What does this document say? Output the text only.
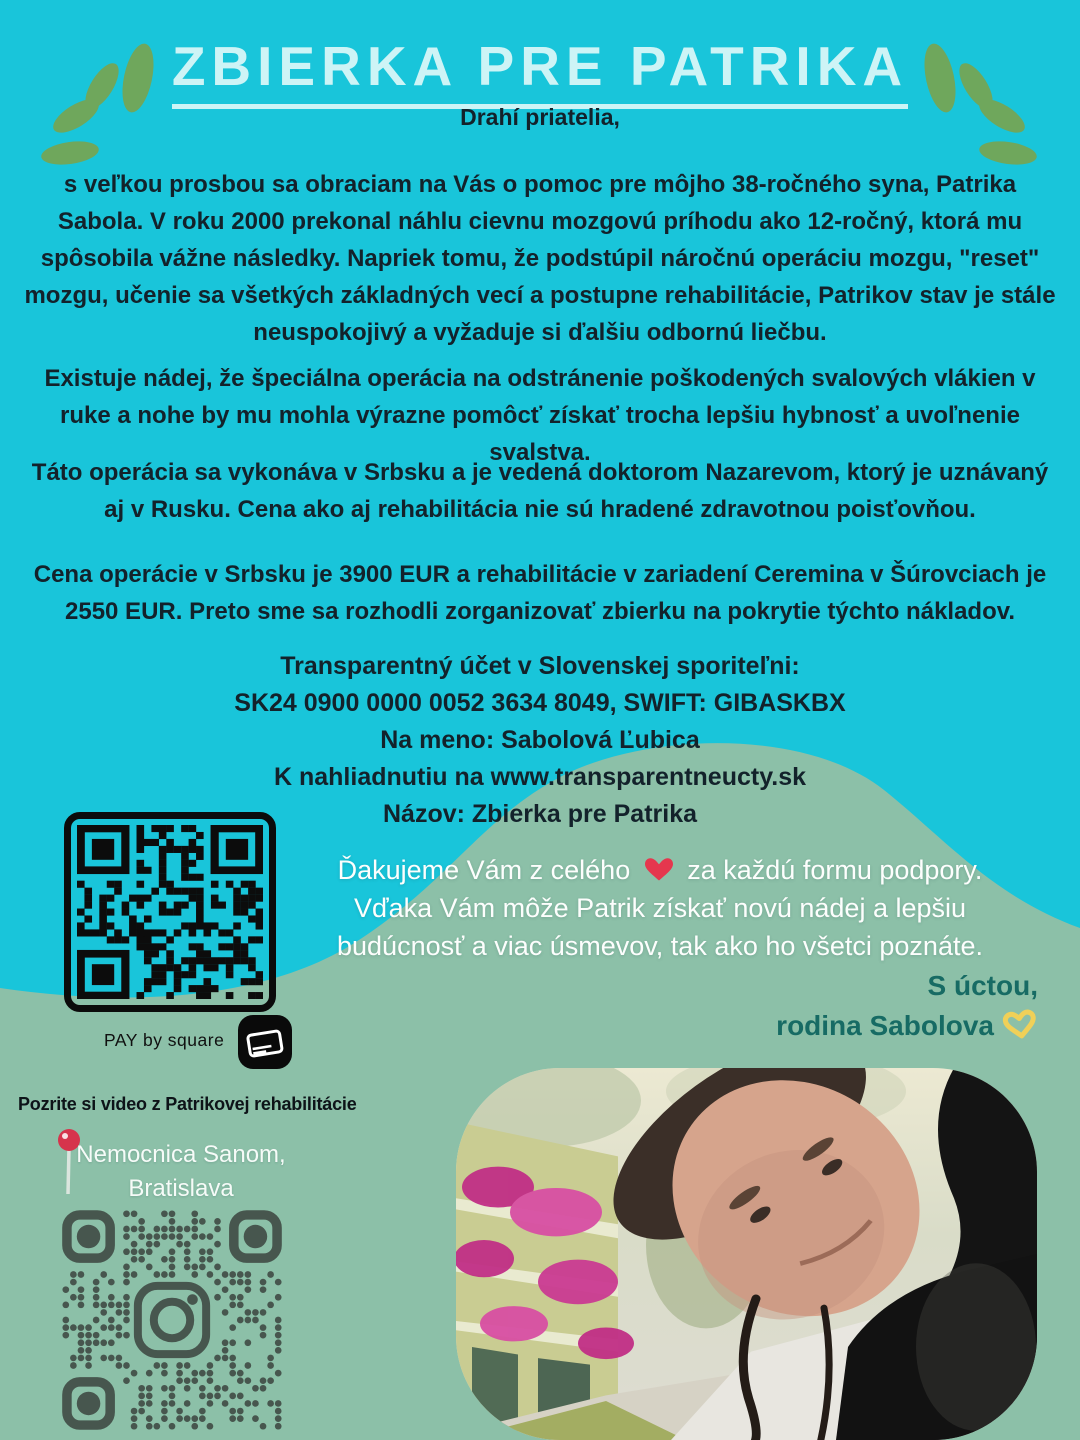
ZBIERKA PRE PATRIKA
Drahí priatelia,
s veľkou prosbou sa obraciam na Vás o pomoc pre môjho 38-ročného syna, Patrika Sabola. V roku 2000 prekonal náhlu cievnu mozgovú príhodu ako 12-ročný, ktorá mu spôsobila vážne následky. Napriek tomu, že podstúpil náročnú operáciu mozgu, "reset" mozgu, učenie sa všetkých základných vecí a postupne rehabilitácie, Patrikov stav je stále neuspokojivý a vyžaduje si ďalšiu odbornú liečbu.
Existuje nádej, že špeciálna operácia na odstránenie poškodených svalových vlákien v ruke a nohe by mu mohla výrazne pomôcť získať trocha lepšiu hybnosť a uvoľnenie svalstva.
Táto operácia sa vykonáva v Srbsku a je vedená doktorom Nazarevom, ktorý je uznávaný aj v Rusku. Cena ako aj rehabilitácia nie sú hradené zdravotnou poisťovňou.
Cena operácie v Srbsku je 3900 EUR a rehabilitácie v zariadení Ceremina v Šúrovciach je 2550 EUR. Preto sme sa rozhodli zorganizovať zbierku na pokrytie týchto nákladov.
Transparentný účet v Slovenskej sporiteľni:
SK24 0900 0000 0052 3634 8049, SWIFT: GIBASKBX
Na meno: Sabolová Ľubica
K nahliadnutiu na www.transparentneucty.sk
Názov: Zbierka pre Patrika
PAY by square
Ďakujeme Vám z celého za každú formu podpory.
Vďaka Vám môže Patrik získať novú nádej a lepšiu
budúcnosť a viac úsmevov, tak ako ho všetci poznáte.
S úctou,
rodina Sabolova
Pozrite si video z Patrikovej rehabilitácie
Nemocnica Sanom,
Bratislava
